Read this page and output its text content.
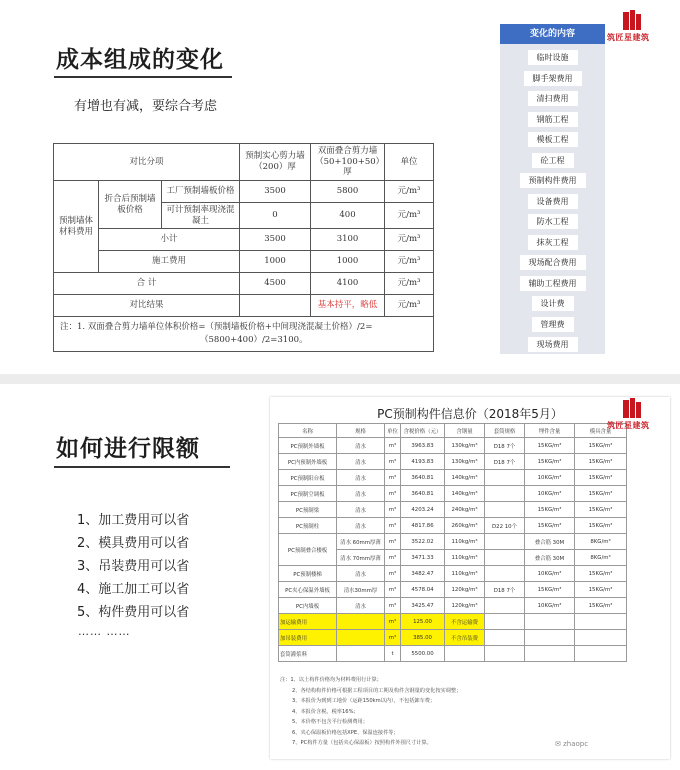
成本组成的变化
有增也有减，要综合考虑
对比分项			预制实心剪力墙（200）厚	双面叠合剪力墙（50+100+50）厚	单位
预制墙体材料费用	折合后预制墙板价格	工厂预制墙板价格	3500	5800	元/m³
		可计预制率现浇混凝土	0	400	元/m³
	小计		3500	3100	元/m³
	施工费用		1000	1000	元/m³
合 计			4500	4100	元/m³
对比结果				基本持平，略低	元/m³
注：1. 双面叠合剪力墙单位体积价格=（预制墙板价格+中间现浇混凝土价格）/2=
（5800+400）/2=3100。					
变化的内容
临时设施
脚手架费用
清扫费用
钢筋工程
模板工程
砼工程
预制构件费用
设备费用
防水工程
抹灰工程
现场配合费用
辅助工程费用
设计费
管理费
现场费用
筑匠星建筑
如何进行限额
1、加工费用可以省
2、模具费用可以省
3、吊装费用可以省
4、施工加工可以省
5、构件费用可以省
…… ……
PC预制构件信息价（2018年5月）
名称	规格	单位	含税价格（元）	含钢量	套筒规格	埋件含量	模具含量
PC预制外墙板	清水	m³	3963.83	130kg/m³	D18 7个	15KG/m³	15KG/m³
PC内预制外墙板	清水	m³	4193.83	130kg/m³	D18 7个	15KG/m³	15KG/m³
PC预制阳台板	清水	m³	3640.81	140kg/m³		10KG/m³	15KG/m³
PC预制空调板	清水	m³	3640.81	140kg/m³		10KG/m³	15KG/m³
PC预制梁	清水	m³	4203.24	240kg/m³		15KG/m³	15KG/m³
PC预制柱	清水	m³	4817.86	260kg/m³	D22 10个	15KG/m³	15KG/m³
PC预制叠合楼板	清水 60mm厚薄	m³	3522.02	110kg/m³		叠合筋 30M	8KG/m³
	清水 70mm厚薄	m³	3471.33	110kg/m³		叠合筋 30M	8KG/m³
PC预制楼梯	清水	m³	3482.47	110kg/m³		10KG/m³	15KG/m³
PC夹心保温外墙板	清水30mm厚	m³	4578.04	120kg/m³	D18 7个	15KG/m³	15KG/m³
PC内墙板	清水	m³	3425.47	120kg/m³		10KG/m³	15KG/m³
加运输费用		m³	125.00	不含运输费			
加吊装费用		m³	385.00	不含吊装费			
套筒灌浆料		t	5500.00				
注：1、以上构件价格均为材料费用行计算；
2、各结构构件价格可根据工程项目的工期及构件含钢量的变化按实调整；
3、本报价为到到工地价（运距150km以内），不包括卸车费；
4、本报价含税，税率16%；
5、本价格不包含平行检测费用；
6、夹心保温板价格包括XPE、保温连接件等；
7、PC构件方量（包括夹心保温板）按照构件外围尺寸计算。	✉ zhaopc
筑匠星建筑
